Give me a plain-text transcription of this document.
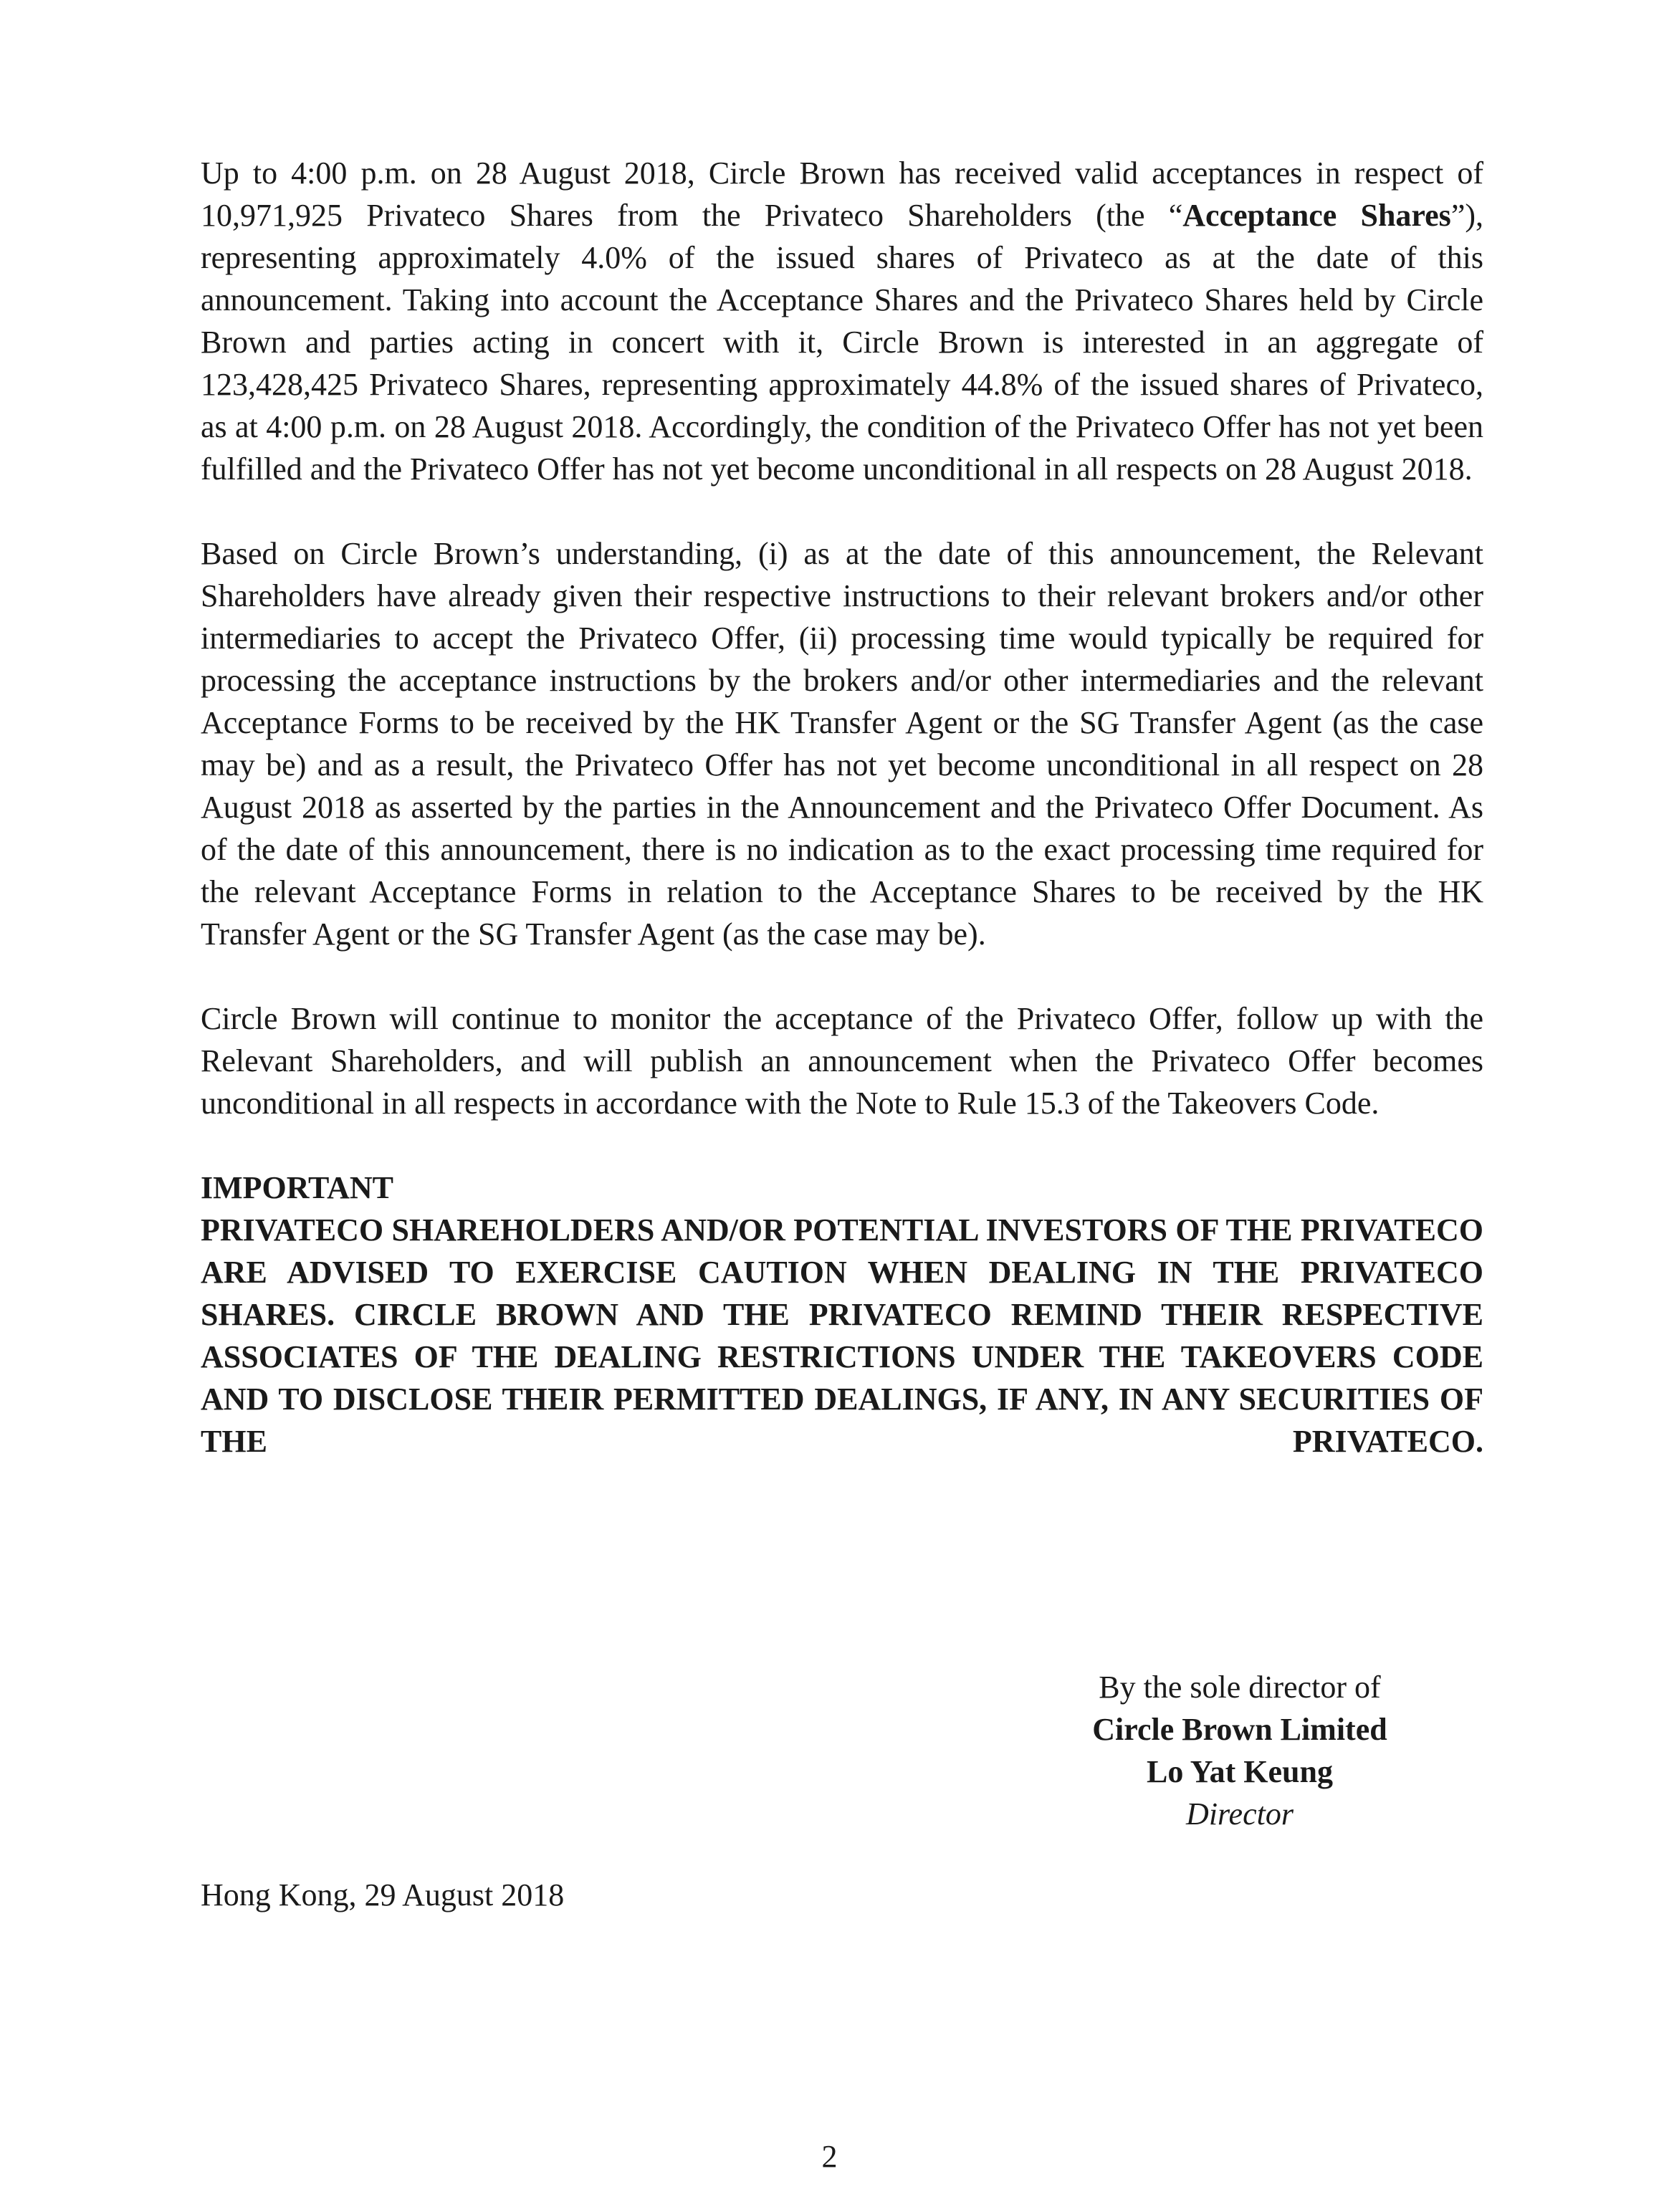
Up to 4:00 p.m. on 28 August 2018, Circle Brown has received valid acceptances in respect of 10,971,925 Privateco Shares from the Privateco Shareholders (the “Acceptance Shares”), representing approximately 4.0% of the issued shares of Privateco as at the date of this announcement. Taking into account the Acceptance Shares and the Privateco Shares held by Circle Brown and parties acting in concert with it, Circle Brown is interested in an aggregate of 123,428,425 Privateco Shares, representing approximately 44.8% of the issued shares of Privateco, as at 4:00 p.m. on 28 August 2018. Accordingly, the condition of the Privateco Offer has not yet been fulfilled and the Privateco Offer has not yet become unconditional in all respects on 28 August 2018.

Based on Circle Brown’s understanding, (i) as at the date of this announcement, the Relevant Shareholders have already given their respective instructions to their relevant brokers and/or other intermediaries to accept the Privateco Offer, (ii) processing time would typically be required for processing the acceptance instructions by the brokers and/or other intermediaries and the relevant Acceptance Forms to be received by the HK Transfer Agent or the SG Transfer Agent (as the case may be) and as a result, the Privateco Offer has not yet become unconditional in all respect on 28 August 2018 as asserted by the parties in the Announcement and the Privateco Offer Document. As of the date of this announcement, there is no indication as to the exact processing time required for the relevant Acceptance Forms in relation to the Acceptance Shares to be received by the HK Transfer Agent or the SG Transfer Agent (as the case may be).

Circle Brown will continue to monitor the acceptance of the Privateco Offer, follow up with the Relevant Shareholders, and will publish an announcement when the Privateco Offer becomes unconditional in all respects in accordance with the Note to Rule 15.3 of the Takeovers Code.

IMPORTANT

PRIVATECO SHAREHOLDERS AND/OR POTENTIAL INVESTORS OF THE PRIVATECO ARE ADVISED TO EXERCISE CAUTION WHEN DEALING IN THE PRIVATECO SHARES. CIRCLE BROWN AND THE PRIVATECO REMIND THEIR RESPECTIVE ASSOCIATES OF THE DEALING RESTRICTIONS UNDER THE TAKEOVERS CODE AND TO DISCLOSE THEIR PERMITTED DEALINGS, IF ANY, IN ANY SECURITIES OF THE PRIVATECO.

By the sole director of
Circle Brown Limited
Lo Yat Keung
Director
Hong Kong, 29 August 2018
2
